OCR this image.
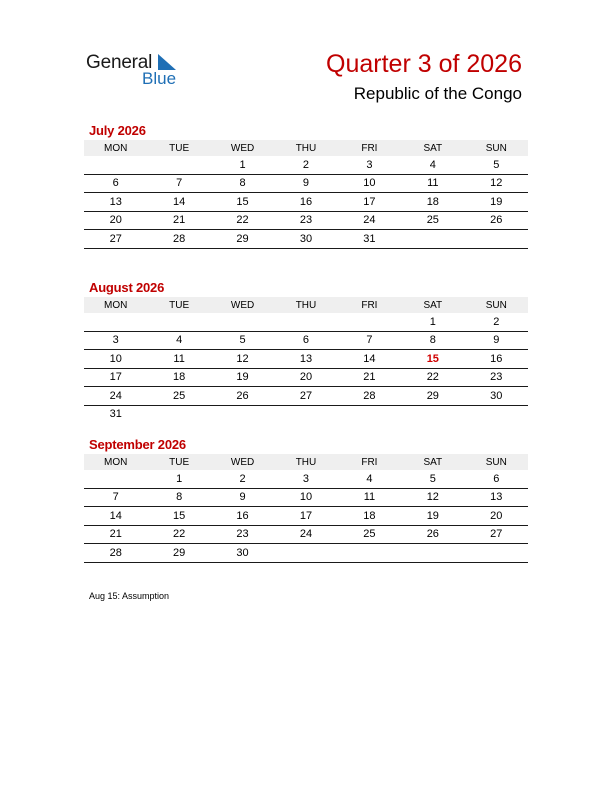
General
Blue
Quarter 3 of 2026
Republic of the Congo
July 2026
MON	TUE	WED	THU	FRI	SAT	SUN
		1	2	3	4	5
6	7	8	9	10	11	12
13	14	15	16	17	18	19
20	21	22	23	24	25	26
27	28	29	30	31		
August 2026
MON	TUE	WED	THU	FRI	SAT	SUN
					1	2
3	4	5	6	7	8	9
10	11	12	13	14	15	16
17	18	19	20	21	22	23
24	25	26	27	28	29	30
31						
September 2026
MON	TUE	WED	THU	FRI	SAT	SUN
	1	2	3	4	5	6
7	8	9	10	11	12	13
14	15	16	17	18	19	20
21	22	23	24	25	26	27
28	29	30				
Aug 15: Assumption
